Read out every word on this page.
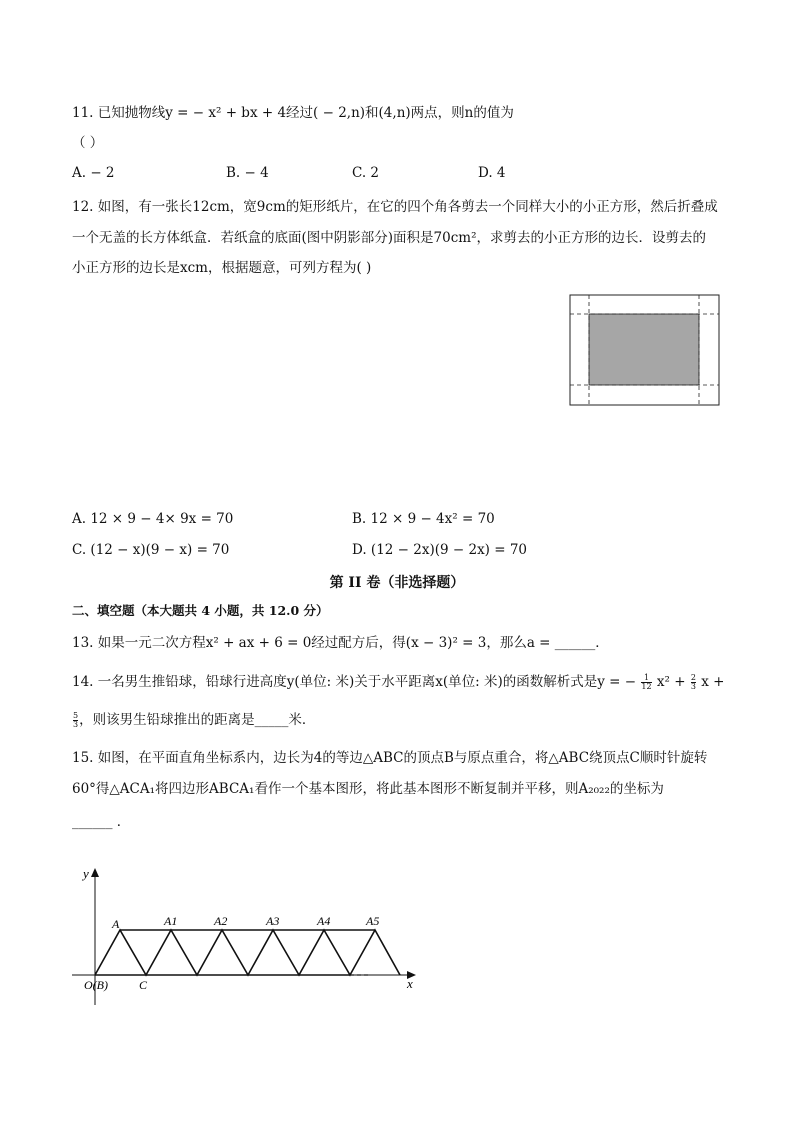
11. 已知抛物线y = − x² + bx + 4经过( − 2,n)和(4,n)两点，则n的值为
（ ）
A. − 2	B. − 4	C. 2	D. 4
12. 如图，有一张长12cm，宽9cm的矩形纸片，在它的四个角各剪去一个同样大小的小正方形，然后折叠成
一个无盖的长方体纸盒．若纸盒的底面(图中阴影部分)面积是70cm²，求剪去的小正方形的边长．设剪去的
小正方形的边长是xcm，根据题意，可列方程为( )
A. 12 × 9 − 4× 9x = 70	B. 12 × 9 − 4x² = 70
C. (12 − x)(9 − x) = 70	D. (12 − 2x)(9 − 2x) = 70
第 II 卷（非选择题）
二、填空题（本大题共 4 小题，共 12.0 分）
13. 如果一元二次方程x² + ax + 6 = 0经过配方后，得(x − 3)² = 3，那么a = ______．
14. 一名男生推铅球，铅球行进高度y(单位: 米)关于水平距离x(单位: 米)的函数解析式是y = − $\frac{1}{12} x^2 + \frac{2}{3}$ x +
$\frac{5}{3}$ ，则该男生铅球推出的距离是_____米．
15. 如图，在平面直角坐标系内，边长为4的等边△ABC的顶点B与原点重合，将△ABC绕顶点C顺时针旋转
60°得△ACA₁将四边形ABCA₁看作一个基本图形，将此基本图形不断复制并平移，则A₂₀₂₂的坐标为
______ ．
x
y
O(B)	C
A	A1	A2	A3	A4	A5
